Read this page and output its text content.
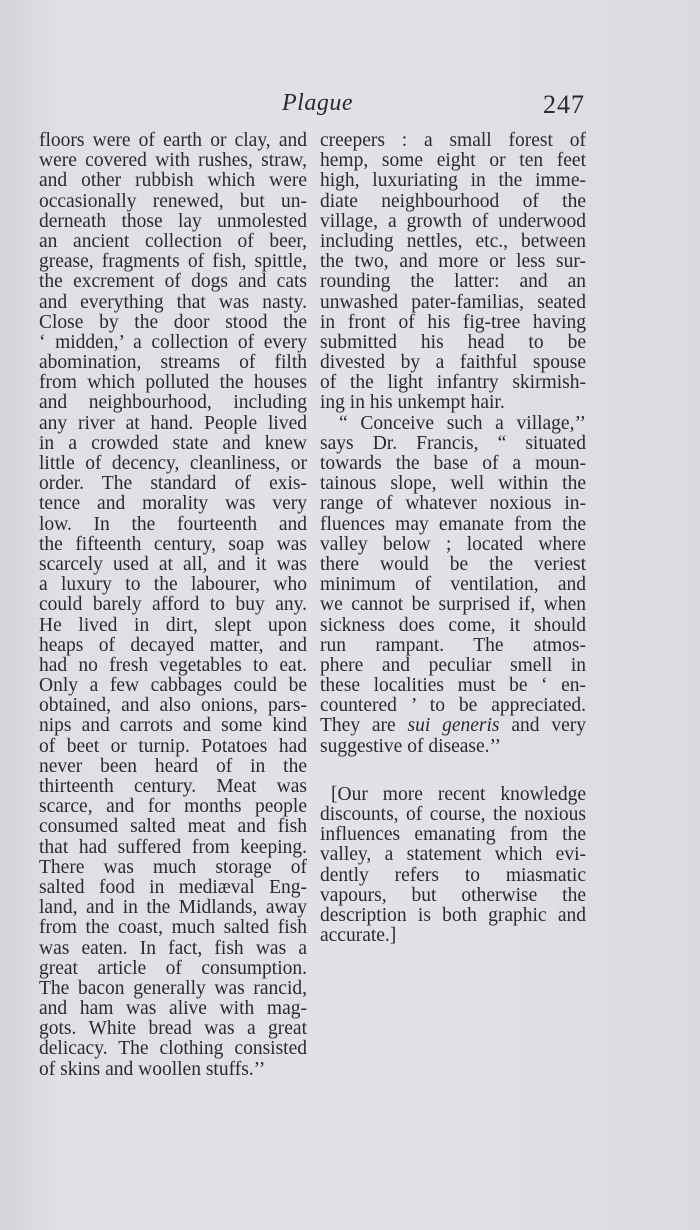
Plague	247
floors were of earth or clay, and
were covered with rushes, straw,
and other rubbish which were
occasionally renewed, but un-
derneath those lay unmolested
an ancient collection of beer,
grease, fragments of fish, spittle,
the excrement of dogs and cats
and everything that was nasty.
Close by the door stood the
‘ midden,’ a collection of every
abomination, streams of filth
from which polluted the houses
and neighbourhood, including
any river at hand. People lived
in a crowded state and knew
little of decency, cleanliness, or
order. The standard of exis-
tence and morality was very
low. In the fourteenth and
the fifteenth century, soap was
scarcely used at all, and it was
a luxury to the labourer, who
could barely afford to buy any.
He lived in dirt, slept upon
heaps of decayed matter, and
had no fresh vegetables to eat.
Only a few cabbages could be
obtained, and also onions, pars-
nips and carrots and some kind
of beet or turnip. Potatoes had
never been heard of in the
thirteenth century. Meat was
scarce, and for months people
consumed salted meat and fish
that had suffered from keeping.
There was much storage of
salted food in mediæval Eng-
land, and in the Midlands, away
from the coast, much salted fish
was eaten. In fact, fish was a
great article of consumption.
The bacon generally was rancid,
and ham was alive with mag-
gots. White bread was a great
delicacy. The clothing consisted
of skins and woollen stuffs.’’
creepers : a small forest of
hemp, some eight or ten feet
high, luxuriating in the imme-
diate neighbourhood of the
village, a growth of underwood
including nettles, etc., between
the two, and more or less sur-
rounding the latter: and an
unwashed pater-familias, seated
in front of his fig-tree having
submitted his head to be
divested by a faithful spouse
of the light infantry skirmish-
ing in his unkempt hair.
“ Conceive such a village,’’
says Dr. Francis, “ situated
towards the base of a moun-
tainous slope, well within the
range of whatever noxious in-
fluences may emanate from the
valley below ; located where
there would be the veriest
minimum of ventilation, and
we cannot be surprised if, when
sickness does come, it should
run rampant. The atmos-
phere and peculiar smell in
these localities must be ‘ en-
countered ’ to be appreciated.
They are sui generis and very
suggestive of disease.’’
[Our more recent knowledge
discounts, of course, the noxious
influences emanating from the
valley, a statement which evi-
dently refers to miasmatic
vapours, but otherwise the
description is both graphic and
accurate.]
